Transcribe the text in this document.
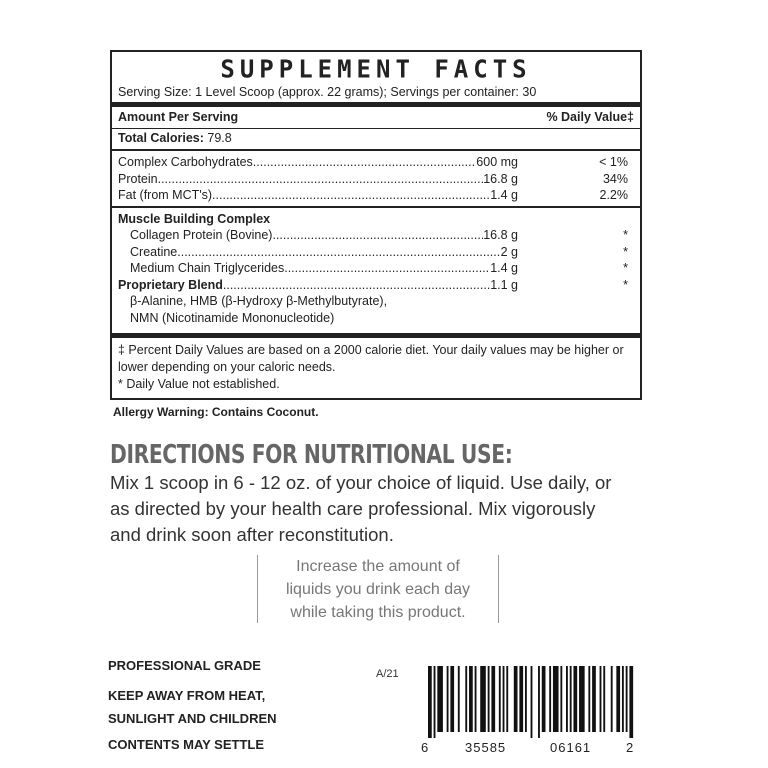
SUPPLEMENT FACTS
Serving Size: 1 Level Scoop (approx. 22 grams); Servings per container: 30
Amount Per Serving	% Daily Value‡
Total Calories: 79.8
Complex Carbohydrates .....	600 mg	< 1%
Protein .....	16.8 g	34%
Fat (from MCT's) .....	1.4 g	2.2%
Muscle Building Complex
Collagen Protein (Bovine) .....	16.8 g	*
Creatine .....	2 g	*
Medium Chain Triglycerides .....	1.4 g	*
Proprietary Blend .....	1.1 g	*
β-Alanine, HMB (β-Hydroxy β-Methylbutyrate),
NMN (Nicotinamide Mononucleotide)
‡ Percent Daily Values are based on a 2000 calorie diet. Your daily values may be higher or lower depending on your caloric needs.
* Daily Value not established.
Allergy Warning: Contains Coconut.
DIRECTIONS FOR NUTRITIONAL USE:
Mix 1 scoop in 6 - 12 oz. of your choice of liquid. Use daily, or as directed by your health care professional. Mix vigorously and drink soon after reconstitution.
Increase the amount of
liquids you drink each day
while taking this product.
PROFESSIONAL GRADE
KEEP AWAY FROM HEAT,
SUNLIGHT AND CHILDREN
CONTENTS MAY SETTLE
A/21
6	35585	06161	2
